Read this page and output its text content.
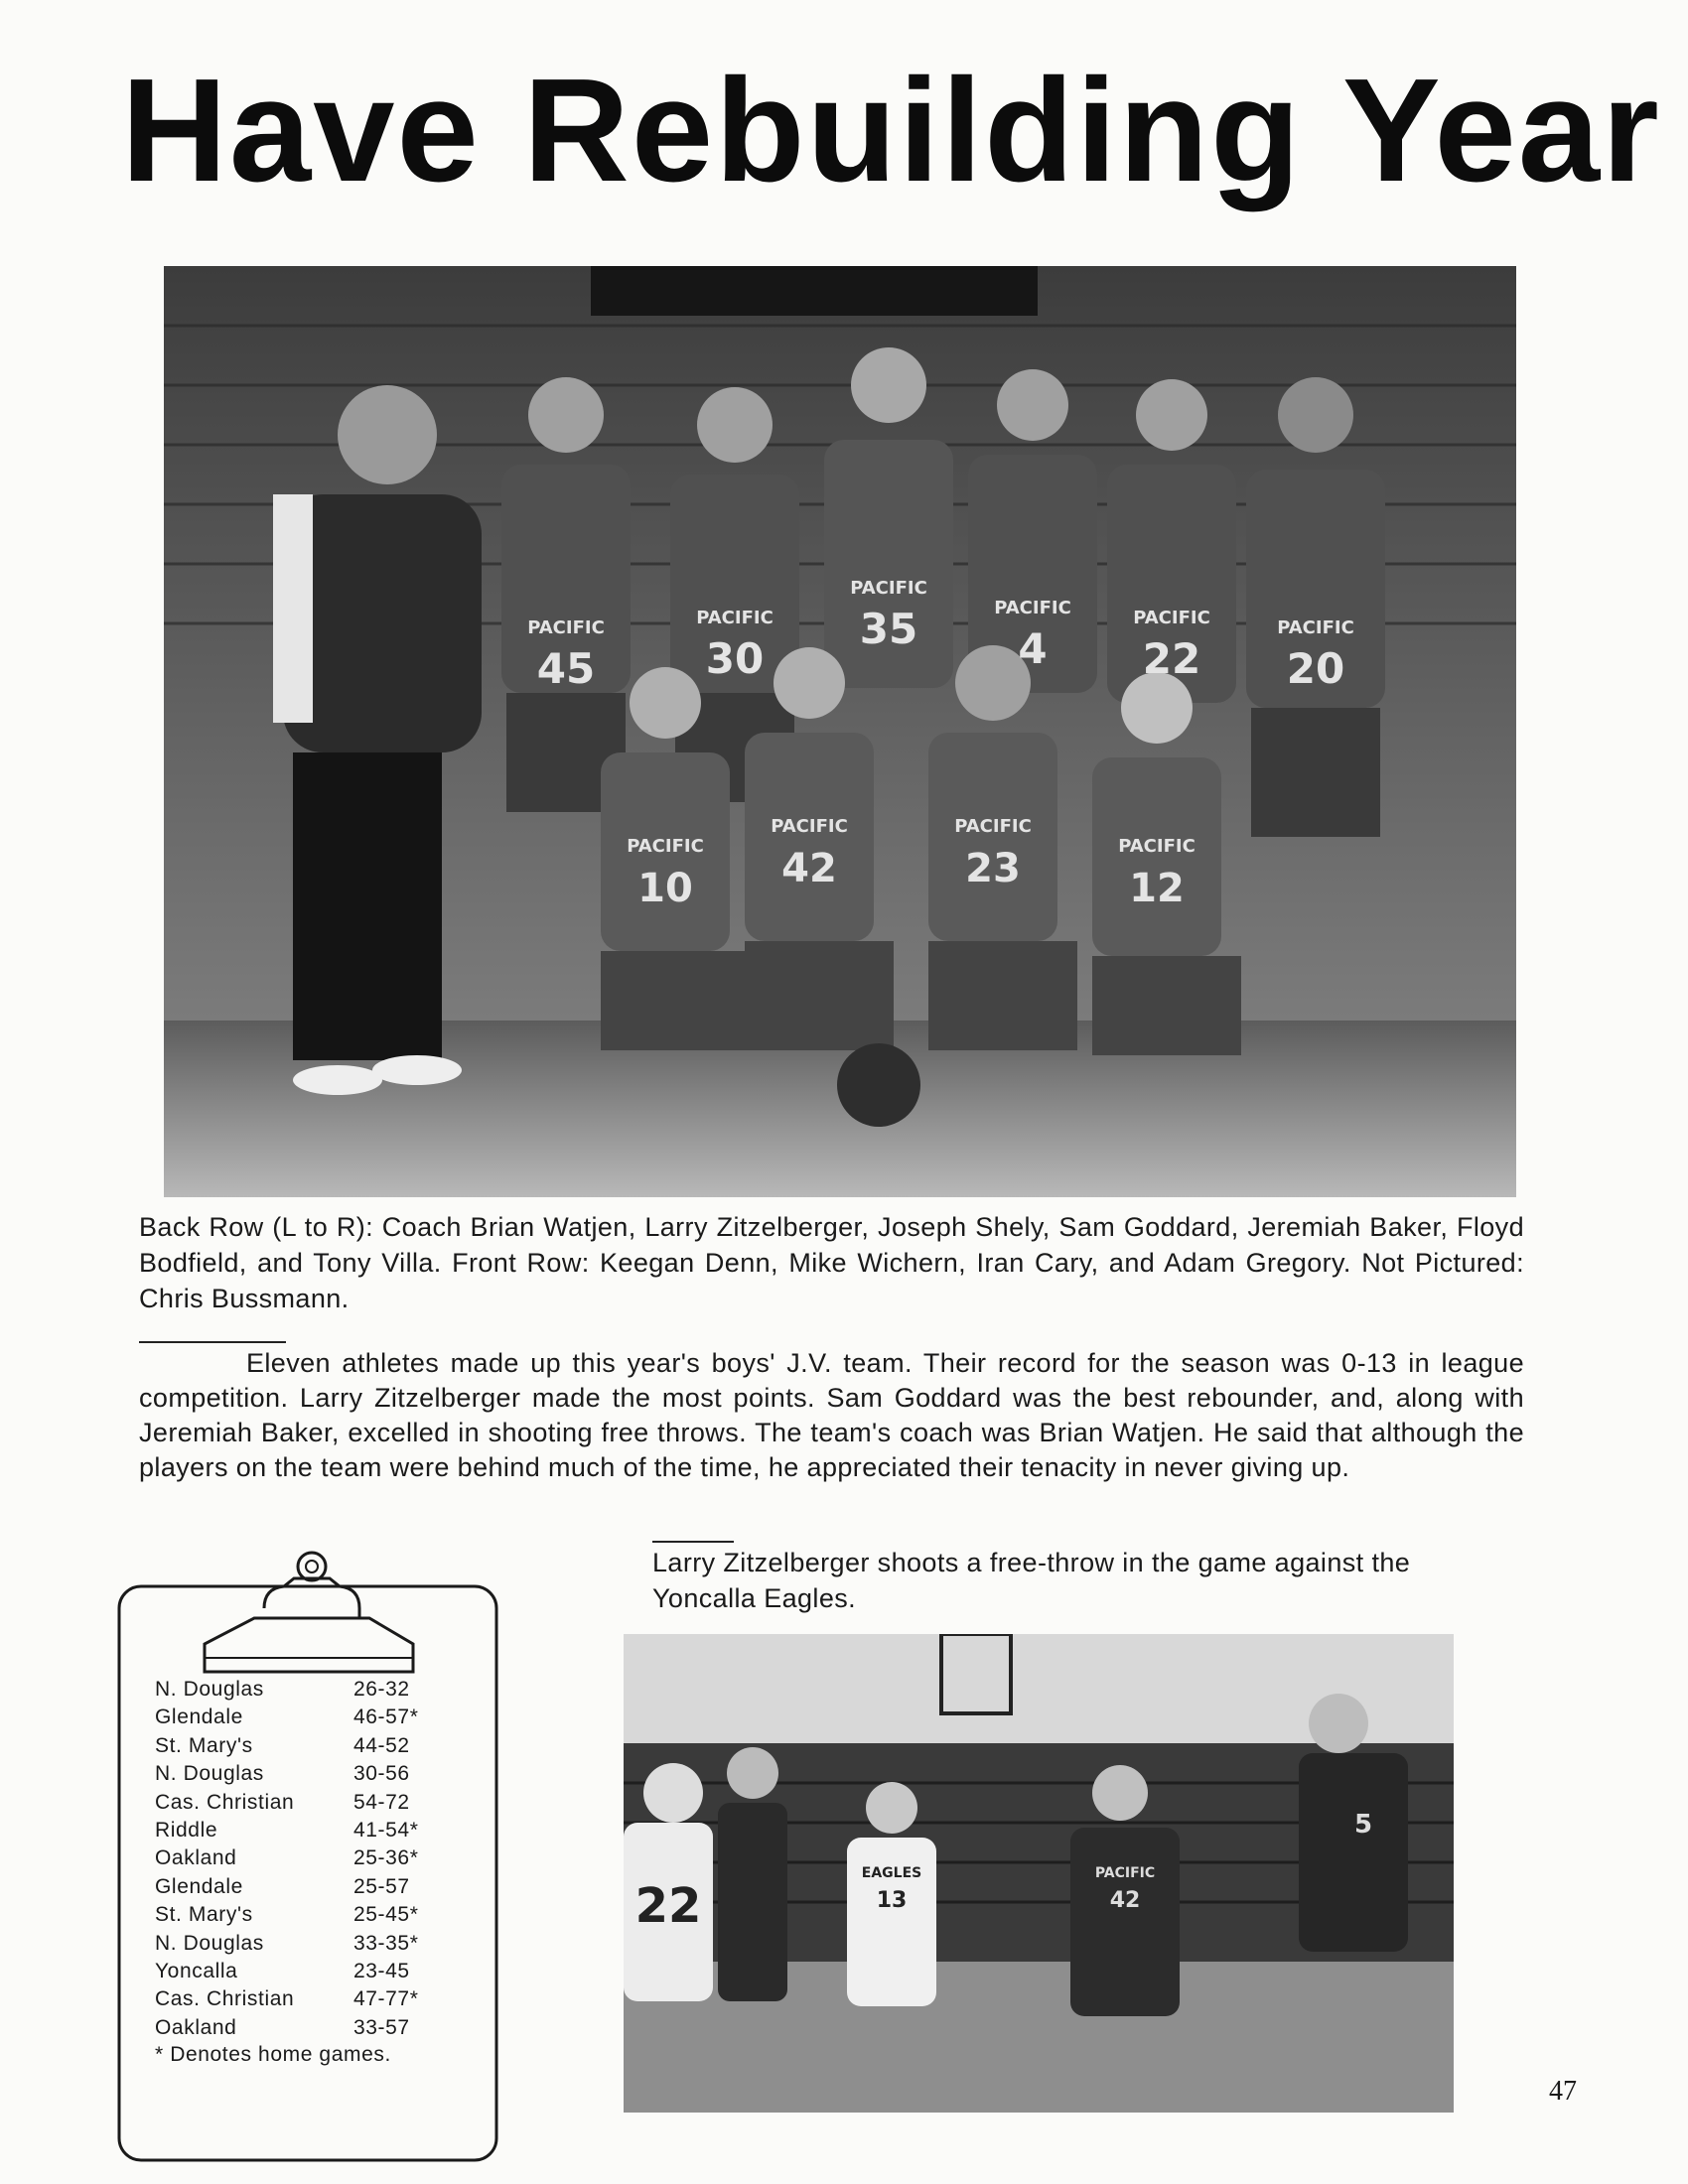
Have Rebuilding Year
45	30
35 4 22 20
10 42	23	12
PACIFIC	PACIFIC
PACIFIC
PACIFIC	PACIFIC	PACIFIC
PACIFIC
PACIFIC	PACIFIC
PACIFIC

Back Row (L to R): Coach Brian Watjen, Larry Zitzelberger, Joseph Shely, Sam Goddard, Jeremiah Baker, Floyd Bodfield, and Tony Villa. Front Row: Keegan Denn, Mike Wichern, Iran Cary, and Adam Gregory. Not Pictured: Chris Bussmann.

Eleven athletes made up this year's boys' J.V. team. Their record for the season was 0-13 in league competition. Larry Zitzelberger made the most points. Sam Goddard was the best rebounder, and, along with Jeremiah Baker, excelled in shooting free throws. The team's coach was Brian Watjen. He said that although the players on the team were behind much of the time, he appreciated their tenacity in never giving up.

Larry Zitzelberger shoots a free-throw in the game against the Yoncalla Eagles.

N. Douglas	26-32
Glendale	46-57*
St. Mary's	44-52
N. Douglas	30-56
Cas. Christian	54-72
Riddle	41-54*
Oakland	25-36*
Glendale	25-57
St. Mary's	25-45*
N. Douglas	33-35*
Yoncalla	23-45
Cas. Christian	47-77*
Oakland	33-57

* Denotes home games.

22	13	42
5
EAGLES	PACIFIC
47
